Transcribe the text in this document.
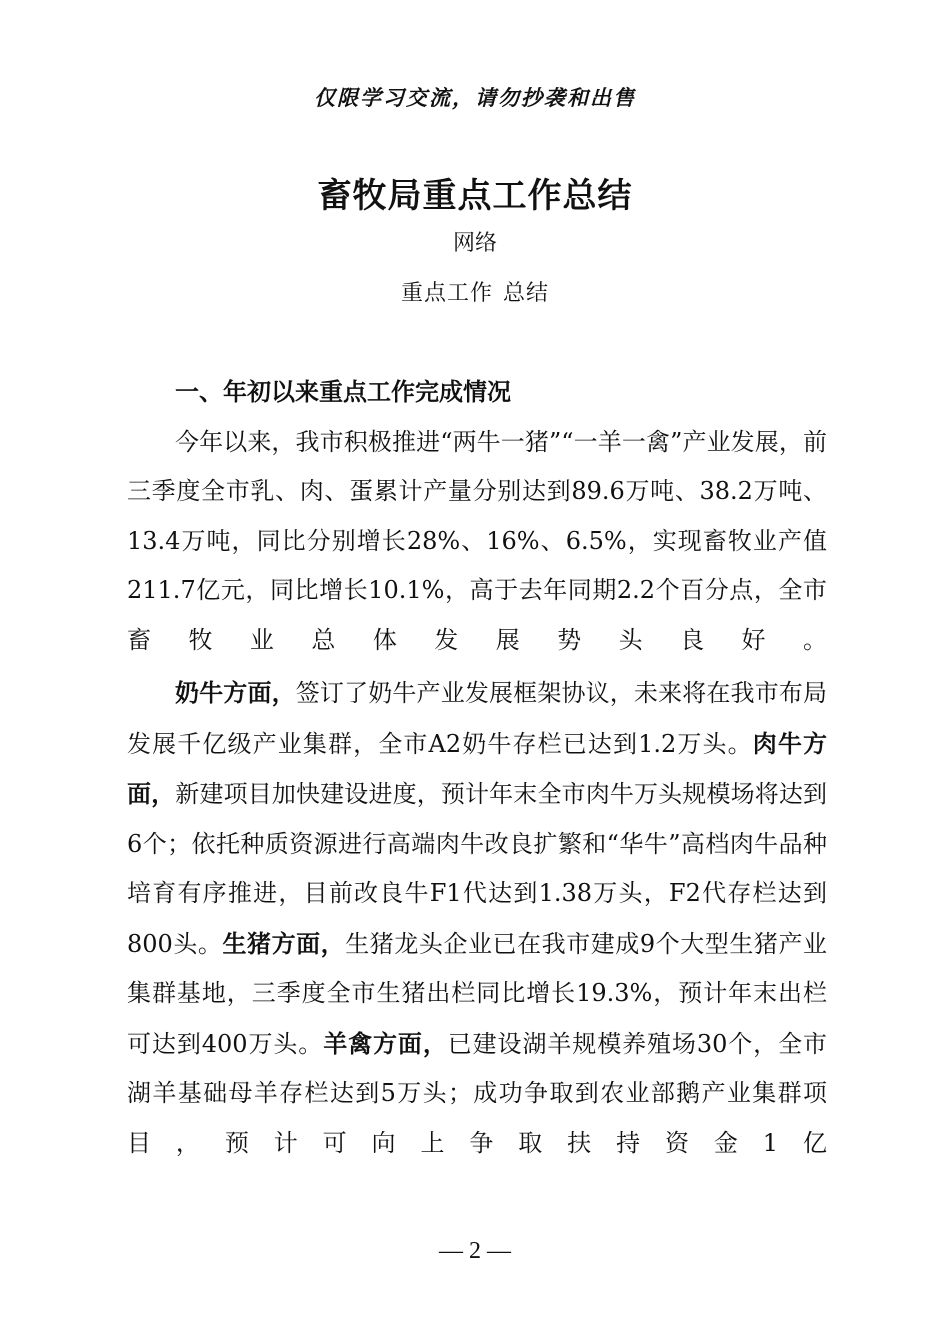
仅限学习交流，请勿抄袭和出售
畜牧局重点工作总结
网络
重点工作 总结

一、年初以来重点工作完成情况

今年以来，我市积极推进“两牛一猪”“一羊一禽”产业发展，前三季度全市乳、肉、蛋累计产量分别达到89.6万吨、38.2万吨、13.4万吨，同比分别增长28%、16%、6.5%，实现畜牧业产值211.7亿元，同比增长10.1%，高于去年同期2.2个百分点，全市畜牧业总体发展势头良好。

奶牛方面，签订了奶牛产业发展框架协议，未来将在我市布局发展千亿级产业集群，全市A2奶牛存栏已达到1.2万头。肉牛方面，新建项目加快建设进度，预计年末全市肉牛万头规模场将达到6个；依托种质资源进行高端肉牛改良扩繁和“华牛”高档肉牛品种培育有序推进，目前改良牛F1代达到1.38万头，F2代存栏达到800头。生猪方面，生猪龙头企业已在我市建成9个大型生猪产业集群基地，三季度全市生猪出栏同比增长19.3%，预计年末出栏可达到400万头。羊禽方面，已建设湖羊规模养殖场30个，全市湖羊基础母羊存栏达到5万头；成功争取到农业部鹅产业集群项目，预计可向上争取扶持资金1亿

— 2 —
